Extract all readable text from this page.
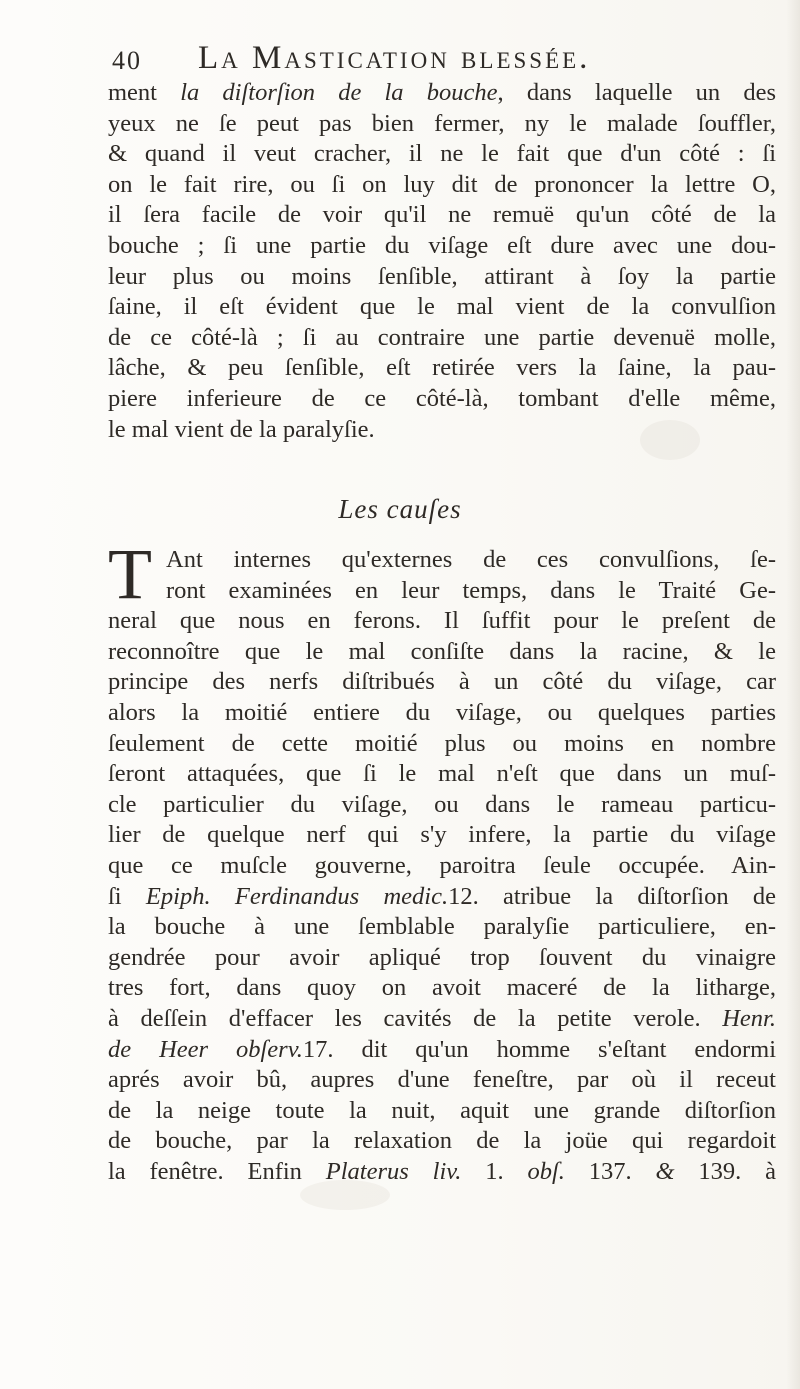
40 La Mastication blessée.
ment la diſtorſion de la bouche, dans laquelle un des
yeux ne ſe peut pas bien fermer, ny le malade ſouffler,
& quand il veut cracher, il ne le fait que d'un côté : ſi
on le fait rire, ou ſi on luy dit de prononcer la lettre O,
il ſera facile de voir qu'il ne remuë qu'un côté de la
bouche ; ſi une partie du viſage eſt dure avec une dou-
leur plus ou moins ſenſible, attirant à ſoy la partie
ſaine, il eſt évident que le mal vient de la convulſion
de ce côté-là ; ſi au contraire une partie devenuë molle,
lâche, & peu ſenſible, eſt retirée vers la ſaine, la pau-
piere inferieure de ce côté-là, tombant d'elle même,
le mal vient de la paralyſie.
Les cauſes
T Ant internes qu'externes de ces convulſions, ſe-
ront examinées en leur temps, dans le Traité Ge-
neral que nous en ferons. Il ſuffit pour le preſent de
reconnoître que le mal conſiſte dans la racine, & le
principe des nerfs diſtribués à un côté du viſage, car
alors la moitié entiere du viſage, ou quelques parties
ſeulement de cette moitié plus ou moins en nombre
ſeront attaquées, que ſi le mal n'eſt que dans un muſ-
cle particulier du viſage, ou dans le rameau particu-
lier de quelque nerf qui s'y infere, la partie du viſage
que ce muſcle gouverne, paroitra ſeule occupée. Ain-
ſi Epiph. Ferdinandus medic.12. atribue la diſtorſion de
la bouche à une ſemblable paralyſie particuliere, en-
gendrée pour avoir apliqué trop ſouvent du vinaigre
tres fort, dans quoy on avoit maceré de la litharge,
à deſſein d'effacer les cavités de la petite verole. Henr.
de Heer obſerv.17. dit qu'un homme s'eſtant endormi
aprés avoir bû, aupres d'une feneſtre, par où il receut
de la neige toute la nuit, aquit une grande diſtorſion
de bouche, par la relaxation de la joüe qui regardoit
la fenêtre. Enfin Platerus liv. 1. obſ. 137. & 139. à
